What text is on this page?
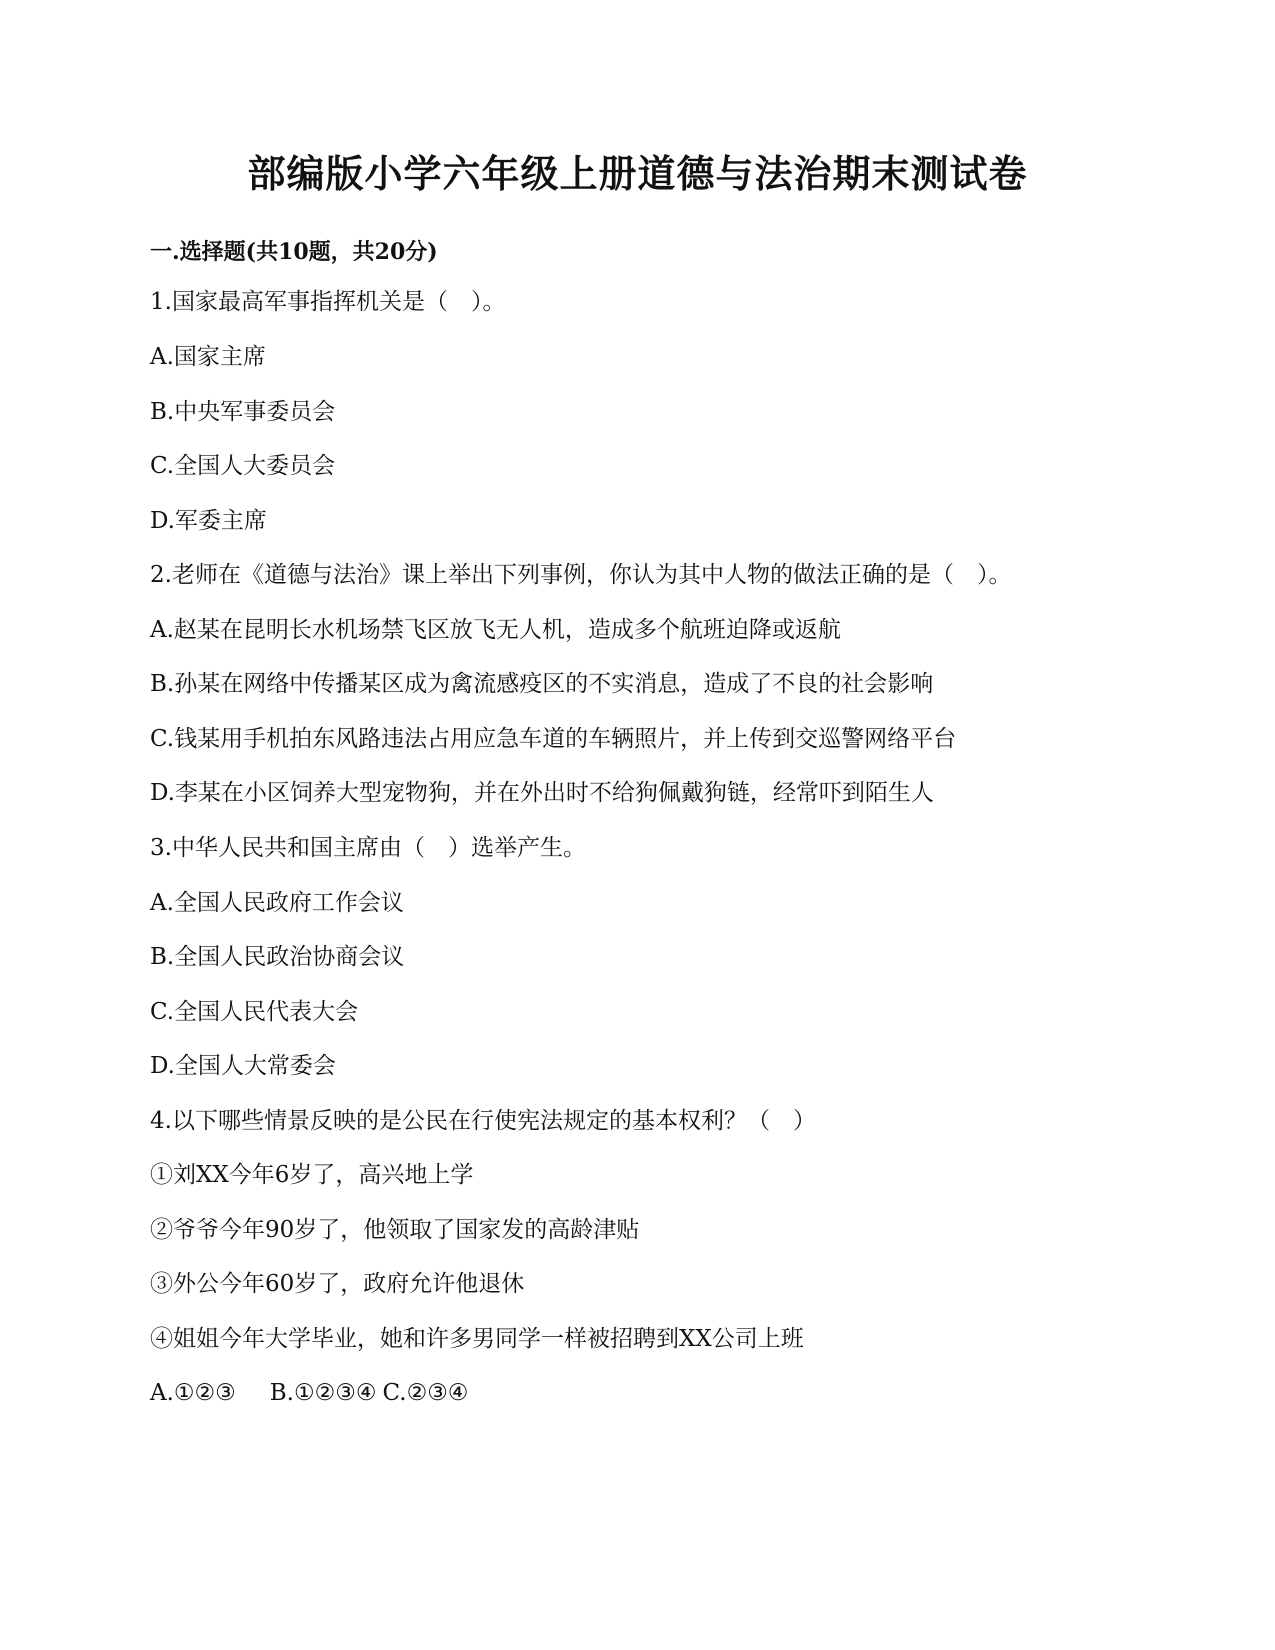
部编版小学六年级上册道德与法治期末测试卷
一.选择题(共10题，共20分)
1.国家最高军事指挥机关是（　）。
A.国家主席
B.中央军事委员会
C.全国人大委员会
D.军委主席
2.老师在《道德与法治》课上举出下列事例，你认为其中人物的做法正确的是（　）。
A.赵某在昆明长水机场禁飞区放飞无人机，造成多个航班迫降或返航
B.孙某在网络中传播某区成为禽流感疫区的不实消息，造成了不良的社会影响
C.钱某用手机拍东风路违法占用应急车道的车辆照片，并上传到交巡警网络平台
D.李某在小区饲养大型宠物狗，并在外出时不给狗佩戴狗链，经常吓到陌生人
3.中华人民共和国主席由（　）选举产生。
A.全国人民政府工作会议
B.全国人民政治协商会议
C.全国人民代表大会
D.全国人大常委会
4.以下哪些情景反映的是公民在行使宪法规定的基本权利？（　）
①刘XX今年6岁了，高兴地上学
②爷爷今年90岁了，他领取了国家发的高龄津贴
③外公今年60岁了，政府允许他退休
④姐姐今年大学毕业，她和许多男同学一样被招聘到XX公司上班
A.①②③ B.①②③④ C.②③④
